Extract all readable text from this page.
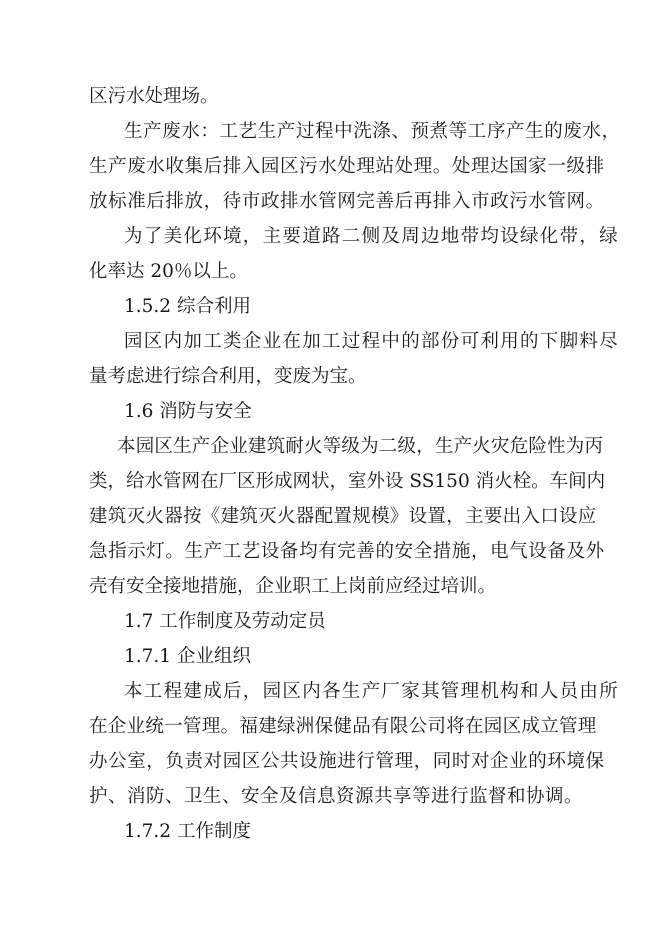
区污水处理场。
生产废水：工艺生产过程中洗涤、预煮等工序产生的废水，
生产废水收集后排入园区污水处理站处理。处理达国家一级排
放标准后排放，待市政排水管网完善后再排入市政污水管网。
为了美化环境，主要道路二侧及周边地带均设绿化带，绿
化率达 20％以上。
1.5.2 综合利用
园区内加工类企业在加工过程中的部份可利用的下脚料尽
量考虑进行综合利用，变废为宝。
1.6 消防与安全
本园区生产企业建筑耐火等级为二级，生产火灾危险性为丙
类，给水管网在厂区形成网状，室外设 SS150 消火栓。车间内
建筑灭火器按《建筑灭火器配置规模》设置，主要出入口设应
急指示灯。生产工艺设备均有完善的安全措施，电气设备及外
壳有安全接地措施，企业职工上岗前应经过培训。
1.7 工作制度及劳动定员
1.7.1 企业组织
本工程建成后，园区内各生产厂家其管理机构和人员由所
在企业统一管理。福建绿洲保健品有限公司将在园区成立管理
办公室，负责对园区公共设施进行管理，同时对企业的环境保
护、消防、卫生、安全及信息资源共享等进行监督和协调。
1.7.2 工作制度
